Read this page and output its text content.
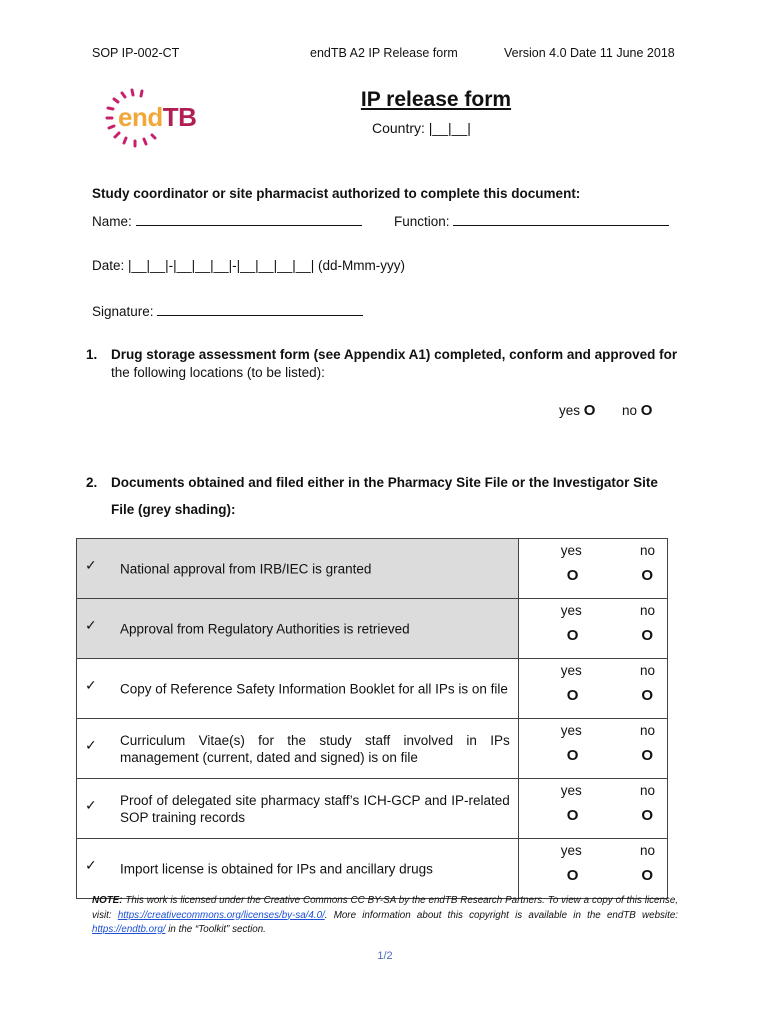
SOP IP-002-CT	endTB A2 IP Release form	Version 4.0 Date 11 June 2018
endTB
IP release form
Country: |__|__|
Study coordinator or site pharmacist authorized to complete this document:
Name:	Function:
Date: |__|__|-|__|__|__|-|__|__|__|__| (dd-Mmm-yyy)
Signature:
1. Drug storage assessment form (see Appendix A1) completed, conform and approved for
the following locations (to be listed):
yes O no O
2. Documents obtained and filed either in the Pharmacy Site File or the Investigator Site
File (grey shading):
✓ National approval from IRB/IEC is granted	yes no
O O

✓ Approval from Regulatory Authorities is retrieved	yes no
O O

✓ Copy of Reference Safety Information Booklet for all IPs is on file	yes no
O O

✓ Curriculum Vitae(s) for the study staff involved in IPs management (current, dated and signed) is on file	yes no
O O

✓ Proof of delegated site pharmacy staff’s ICH-GCP and IP-related SOP training records	yes no
O O

✓ Import license is obtained for IPs and ancillary drugs	yes no
O O
NOTE: This work is licensed under the Creative Commons CC BY-SA by the endTB Research Partners. To view a copy of this license, visit: https://creativecommons.org/licenses/by-sa/4.0/. More information about this copyright is available in the endTB website: https://endtb.org/ in the “Toolkit” section.
1/2
